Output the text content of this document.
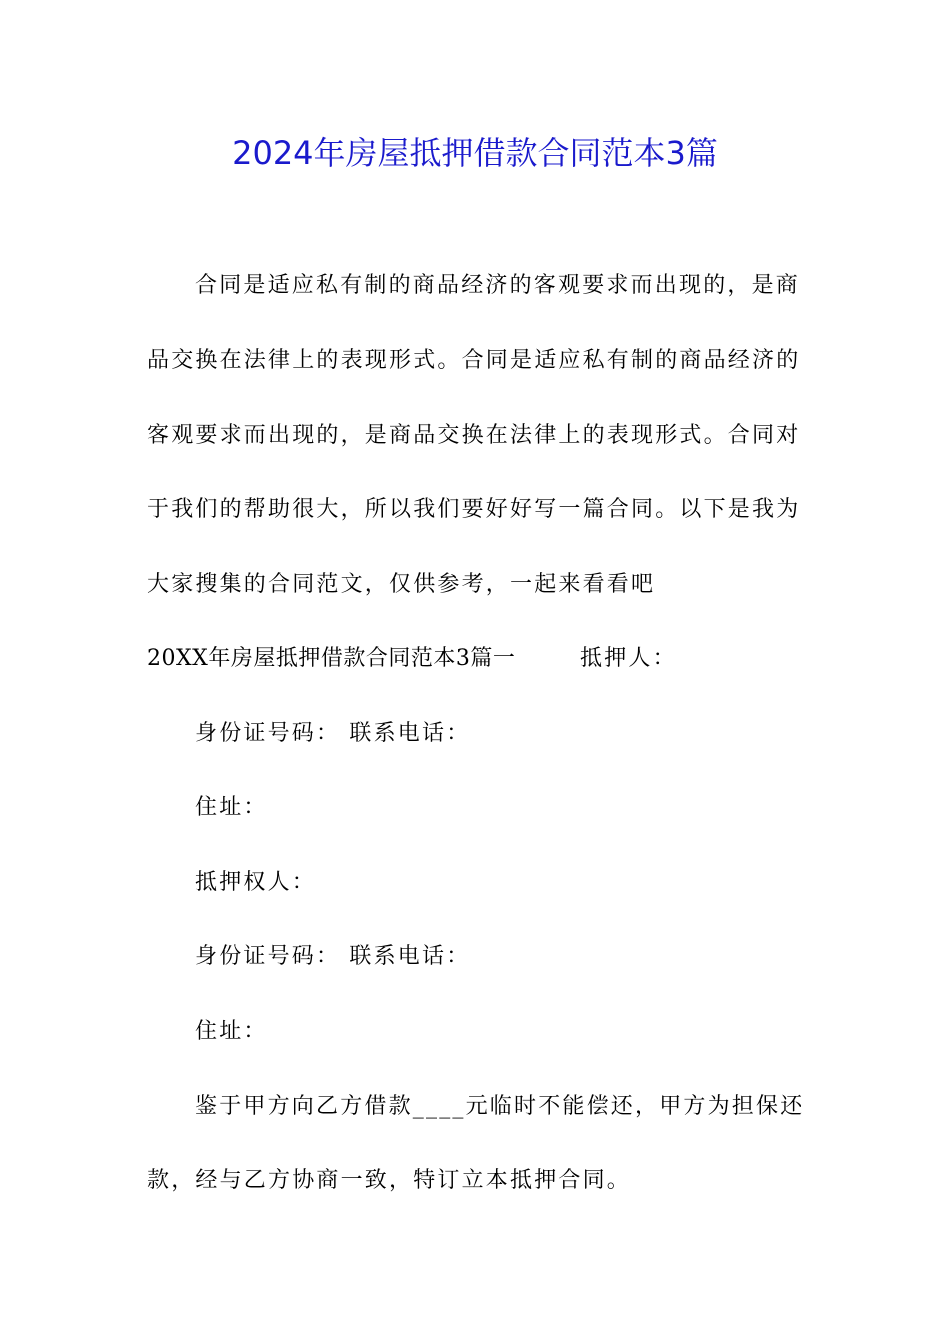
2024年房屋抵押借款合同范本3篇
合同是适应私有制的商品经济的客观要求而出现的，是商
品交换在法律上的表现形式。合同是适应私有制的商品经济的
客观要求而出现的，是商品交换在法律上的表现形式。合同对
于我们的帮助很大，所以我们要好好写一篇合同。以下是我为
大家搜集的合同范文，仅供参考，一起来看看吧
20XX年房屋抵押借款合同范本3篇一	抵押人：
身份证号码： 联系电话：
住址：
抵押权人：
身份证号码： 联系电话：
住址：
鉴于甲方向乙方借款____元临时不能偿还，甲方为担保还
款，经与乙方协商一致，特订立本抵押合同。
